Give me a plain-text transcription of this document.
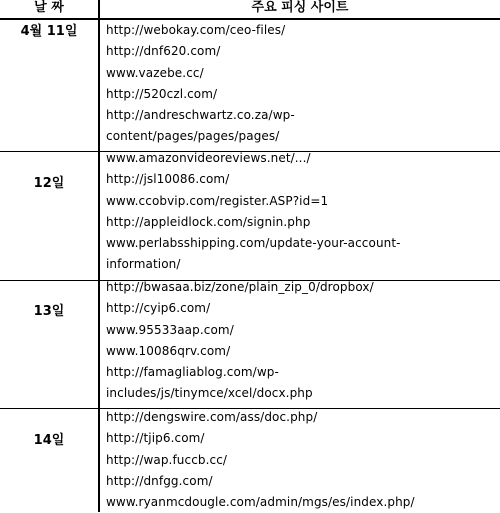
날 짜	주요 피싱 사이트
4월 11일	http://webokay.com/ceo-files/
http://dnf620.com/
www.vazebe.cc/
http://520czl.com/
http://andreschwartz.co.za/wp-
content/pages/pages/pages/
12일
www.amazonvideoreviews.net/.../
http://jsl10086.com/
www.ccobvip.com/register.ASP?id=1
http://appleidlock.com/signin.php
www.perlabsshipping.com/update-your-account-
information/
13일
http://bwasaa.biz/zone/plain_zip_0/dropbox/
http://cyip6.com/
www.95533aap.com/
www.10086qrv.com/
http://famagliablog.com/wp-
includes/js/tinymce/xcel/docx.php
14일
http://dengswire.com/ass/doc.php/
http://tjip6.com/
http://wap.fuccb.cc/
http://dnfgg.com/
www.ryanmcdougle.com/admin/mgs/es/index.php/
